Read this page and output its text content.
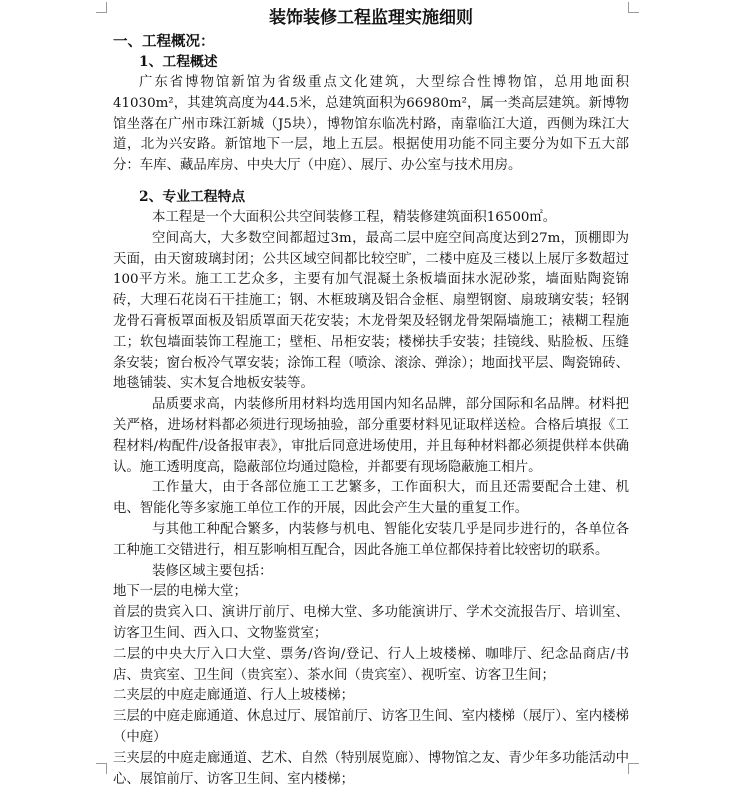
装饰装修工程监理实施细则
一、工程概况：
1、工程概述

广东省博物馆新馆为省级重点文化建筑，大型综合性博物馆，总用地面积41030m²，其建筑高度为44.5米，总建筑面积为66980m²，属一类高层建筑。新博物馆坐落在广州市珠江新城（J5块），博物馆东临冼村路，南靠临江大道，西侧为珠江大道，北为兴安路。新馆地下一层，地上五层。根据使用功能不同主要分为如下五大部分：车库、藏品库房、中央大厅（中庭）、展厅、办公室与技术用房。

2、专业工程特点

本工程是一个大面积公共空间装修工程，精装修建筑面积16500㎡。

空间高大，大多数空间都超过3m，最高二层中庭空间高度达到27m，顶棚即为天面，由天窗玻璃封闭；公共区域空间都比较空旷，二楼中庭及三楼以上展厅多数超过100平方米。施工工艺众多，主要有加气混凝土条板墙面抹水泥砂浆，墙面贴陶瓷锦砖，大理石花岗石干挂施工；钢、木框玻璃及铝合金框、扇塑钢窗、扇玻璃安装；轻钢龙骨石膏板罩面板及铝质罩面天花安装；木龙骨架及轻钢龙骨架隔墙施工；裱糊工程施工；软包墙面装饰工程施工；壁柜、吊柜安装；楼梯扶手安装；挂镜线、贴脸板、压缝条安装；窗台板冷气罩安装；涂饰工程（喷涂、滚涂、弹涂）；地面找平层、陶瓷锦砖、地毯铺装、实木复合地板安装等。

品质要求高，内装修所用材料均选用国内知名品牌，部分国际和名品牌。材料把关严格，进场材料都必须进行现场抽验，部分重要材料见证取样送检。合格后填报《工程材料/构配件/设备报审表》，审批后同意进场使用，并且每种材料都必须提供样本供确认。施工透明度高，隐蔽部位均通过隐检，并都要有现场隐蔽施工相片。

工作量大，由于各部位施工工艺繁多，工作面积大，而且还需要配合土建、机电、智能化等多家施工单位工作的开展，因此会产生大量的重复工作。

与其他工种配合繁多，内装修与机电、智能化安装几乎是同步进行的，各单位各工种施工交错进行，相互影响相互配合，因此各施工单位都保持着比较密切的联系。

装修区域主要包括：

地下一层的电梯大堂；

首层的贵宾入口、演讲厅前厅、电梯大堂、多功能演讲厅、学术交流报告厅、培训室、访客卫生间、西入口、文物鉴赏室；

二层的中央大厅入口大堂、票务/咨询/登记、行人上坡楼梯、咖啡厅、纪念品商店/书店、贵宾室、卫生间（贵宾室）、茶水间（贵宾室）、视听室、访客卫生间；

二夹层的中庭走廊通道、行人上坡楼梯；

三层的中庭走廊通道、休息过厅、展馆前厅、访客卫生间、室内楼梯（展厅）、室内楼梯（中庭）

三夹层的中庭走廊通道、艺术、自然（特别展览廊）、博物馆之友、青少年多功能活动中心、展馆前厅、访客卫生间、室内楼梯；
